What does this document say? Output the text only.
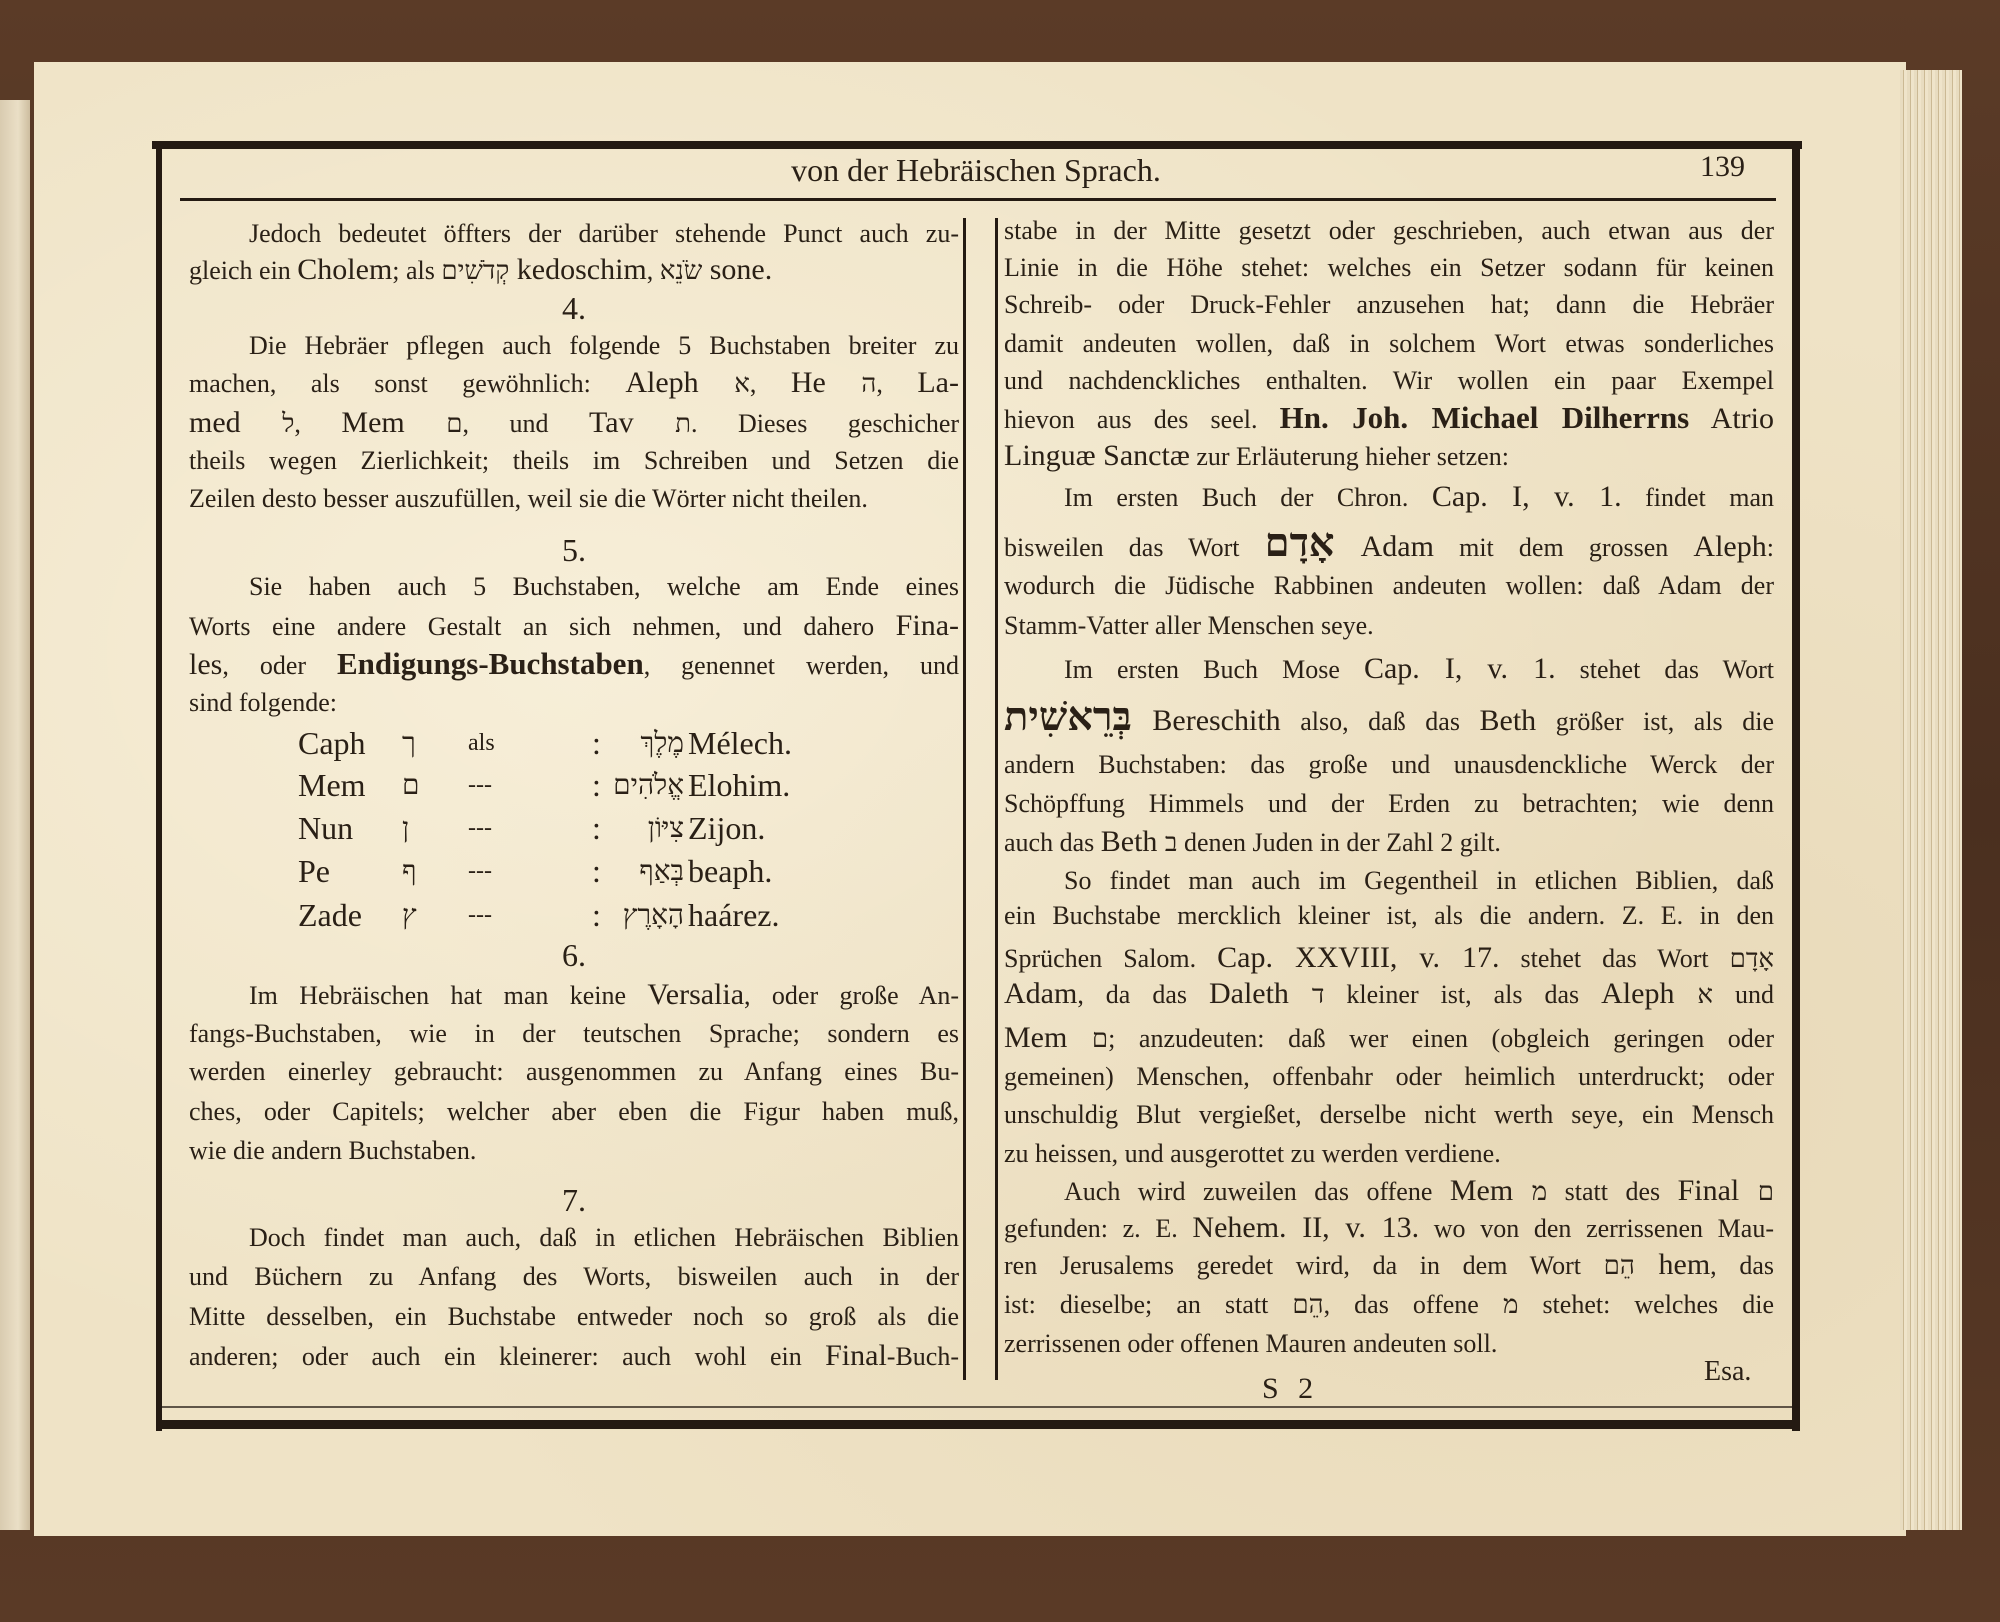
von der Hebräischen Sprach.	139
Jedoch bedeutet öffters der darüber stehende Punct auch zu-
gleich ein Cholem; als קְדֹשִׁים kedoschim, שֹׂנֵא sone.
4.
Die Hebräer pflegen auch folgende 5 Buchstaben breiter zu
machen, als sonst gewöhnlich: Aleph ﬡ, He ﬣ, La-
med ﬥ, Mem ﬦ, und Tav ﬨ. Dieses geschicher
theils wegen Zierlichkeit; theils im Schreiben und Setzen die
Zeilen desto besser auszufüllen, weil sie die Wörter nicht theilen.
5.
Sie haben auch 5 Buchstaben, welche am Ende eines
Worts eine andere Gestalt an sich nehmen, und dahero Fina-
les, oder Endigungs-Buchstaben, genennet werden, und
sind folgende:
6.
Im Hebräischen hat man keine Versalia, oder große An-
fangs-Buchstaben, wie in der teutschen Sprache; sondern es
werden einerley gebraucht: ausgenommen zu Anfang eines Bu-
ches, oder Capitels; welcher aber eben die Figur haben muß,
wie die andern Buchstaben.
7.
Doch findet man auch, daß in etlichen Hebräischen Biblien
und Büchern zu Anfang des Worts, bisweilen auch in der
Mitte desselben, ein Buchstabe entweder noch so groß als die
anderen; oder auch ein kleinerer: auch wohl ein Final-Buch-
stabe in der Mitte gesetzt oder geschrieben, auch etwan aus der
Linie in die Höhe stehet: welches ein Setzer sodann für keinen
Schreib- oder Druck-Fehler anzusehen hat; dann die Hebräer
damit andeuten wollen, daß in solchem Wort etwas sonderliches
und nachdenckliches enthalten. Wir wollen ein paar Exempel
hievon aus des seel. Hn. Joh. Michael Dilherrns Atrio
Linguæ Sanctæ zur Erläuterung hieher setzen:
Im ersten Buch der Chron. Cap. I, v. 1. findet man
bisweilen das Wort אָדָם Adam mit dem grossen Aleph:
wodurch die Jüdische Rabbinen andeuten wollen: daß Adam der
Stamm-Vatter aller Menschen seye.
Im ersten Buch Mose Cap. I, v. 1. stehet das Wort
בְּרֵאשִׁית Bereschith also, daß das Beth größer ist, als die
andern Buchstaben: das große und unausdenckliche Werck der
Schöpffung Himmels und der Erden zu betrachten; wie denn
auch das Beth ב denen Juden in der Zahl 2 gilt.
So findet man auch im Gegentheil in etlichen Biblien, daß
ein Buchstabe mercklich kleiner ist, als die andern. Z. E. in den
Sprüchen Salom. Cap. XXVIII, v. 17. stehet das Wort אָדָם
Adam, da das Daleth ד kleiner ist, als das Aleph א und
Mem ם; anzudeuten: daß wer einen (obgleich geringen oder
gemeinen) Menschen, offenbahr oder heimlich unterdruckt; oder
unschuldig Blut vergießet, derselbe nicht werth seye, ein Mensch
zu heissen, und ausgerottet zu werden verdiene.
Auch wird zuweilen das offene Mem מ statt des Final ם
gefunden: z. E. Nehem. II, v. 13. wo von den zerrissenen Mau-
ren Jerusalems geredet wird, da in dem Wort הֵם hem, das
ist: dieselbe; an statt הֵם, das offene מ stehet: welches die
zerrissenen oder offenen Mauren andeuten soll.
Caph ך als	: מֶלֶךְ Mélech.
Mem ם ---	: אֱלֹהִים Elohim.
Nun ן ---	: צִיּוֹן Zijon.
Pe	ף ---	: בְּאַף beaph.
Zade ץ ---	: הָאָרֶץ haárez.
S 2
Esa.
